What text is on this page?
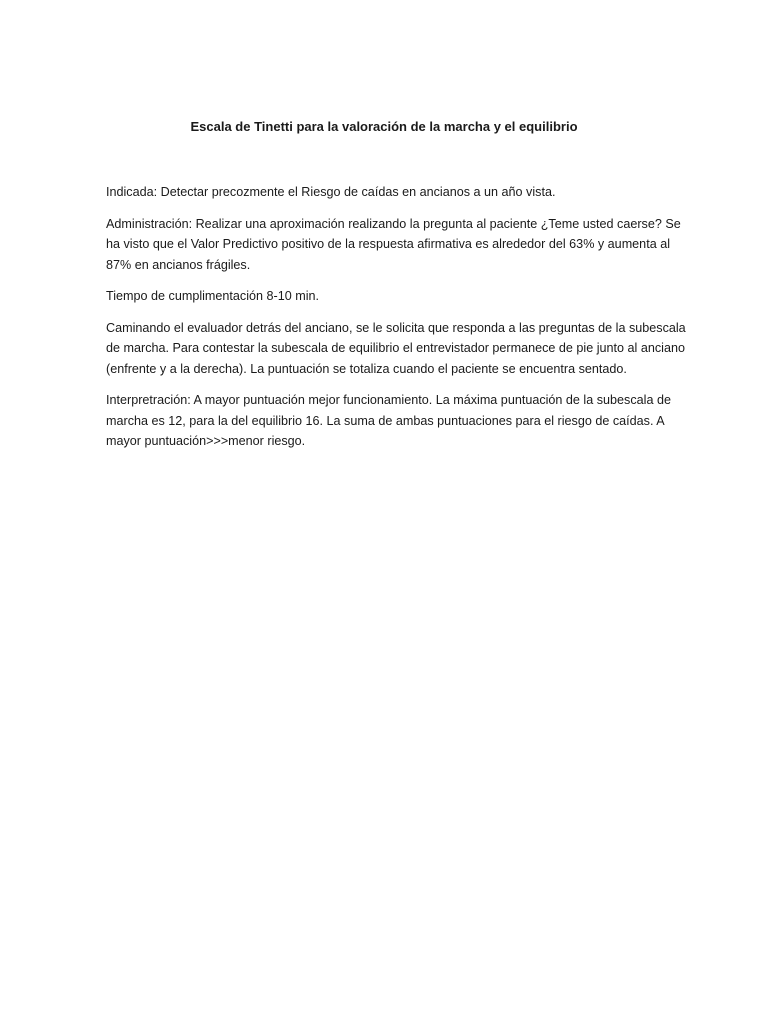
Escala de Tinetti para la valoración de la marcha y el equilibrio

Indicada: Detectar precozmente el Riesgo de caídas en ancianos a un año vista.

Administración: Realizar una aproximación realizando la pregunta al paciente ¿Teme usted caerse? Se
ha visto que el Valor Predictivo positivo de la respuesta afirmativa es alrededor del 63% y aumenta al
87% en ancianos frágiles.

Tiempo de cumplimentación 8-10 min.

Caminando el evaluador detrás del anciano, se le solicita que responda a las preguntas de la subescala
de marcha. Para contestar la subescala de equilibrio el entrevistador permanece de pie junto al anciano
(enfrente y a la derecha). La puntuación se totaliza cuando el paciente se encuentra sentado.

Interpretración: A mayor puntuación mejor funcionamiento. La máxima puntuación de la subescala de
marcha es 12, para la del equilibrio 16. La suma de ambas puntuaciones para el riesgo de caídas. A
mayor puntuación>>>menor riesgo.
